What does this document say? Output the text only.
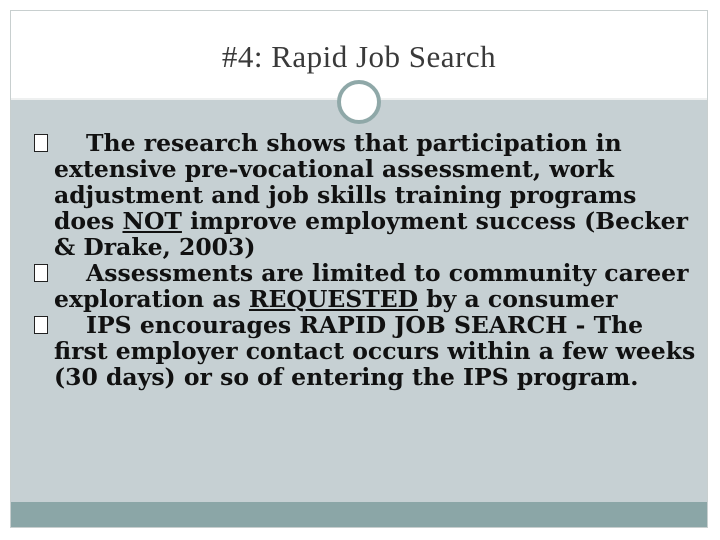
#4: Rapid Job Search
The research shows that participation in extensive pre-vocational assessment, work adjustment and job skills training programs does NOT improve employment success (Becker & Drake, 2003)
Assessments are limited to community career exploration as REQUESTED by a consumer
IPS encourages RAPID JOB SEARCH - The first employer contact occurs within a few weeks (30 days) or so of entering the IPS program.
